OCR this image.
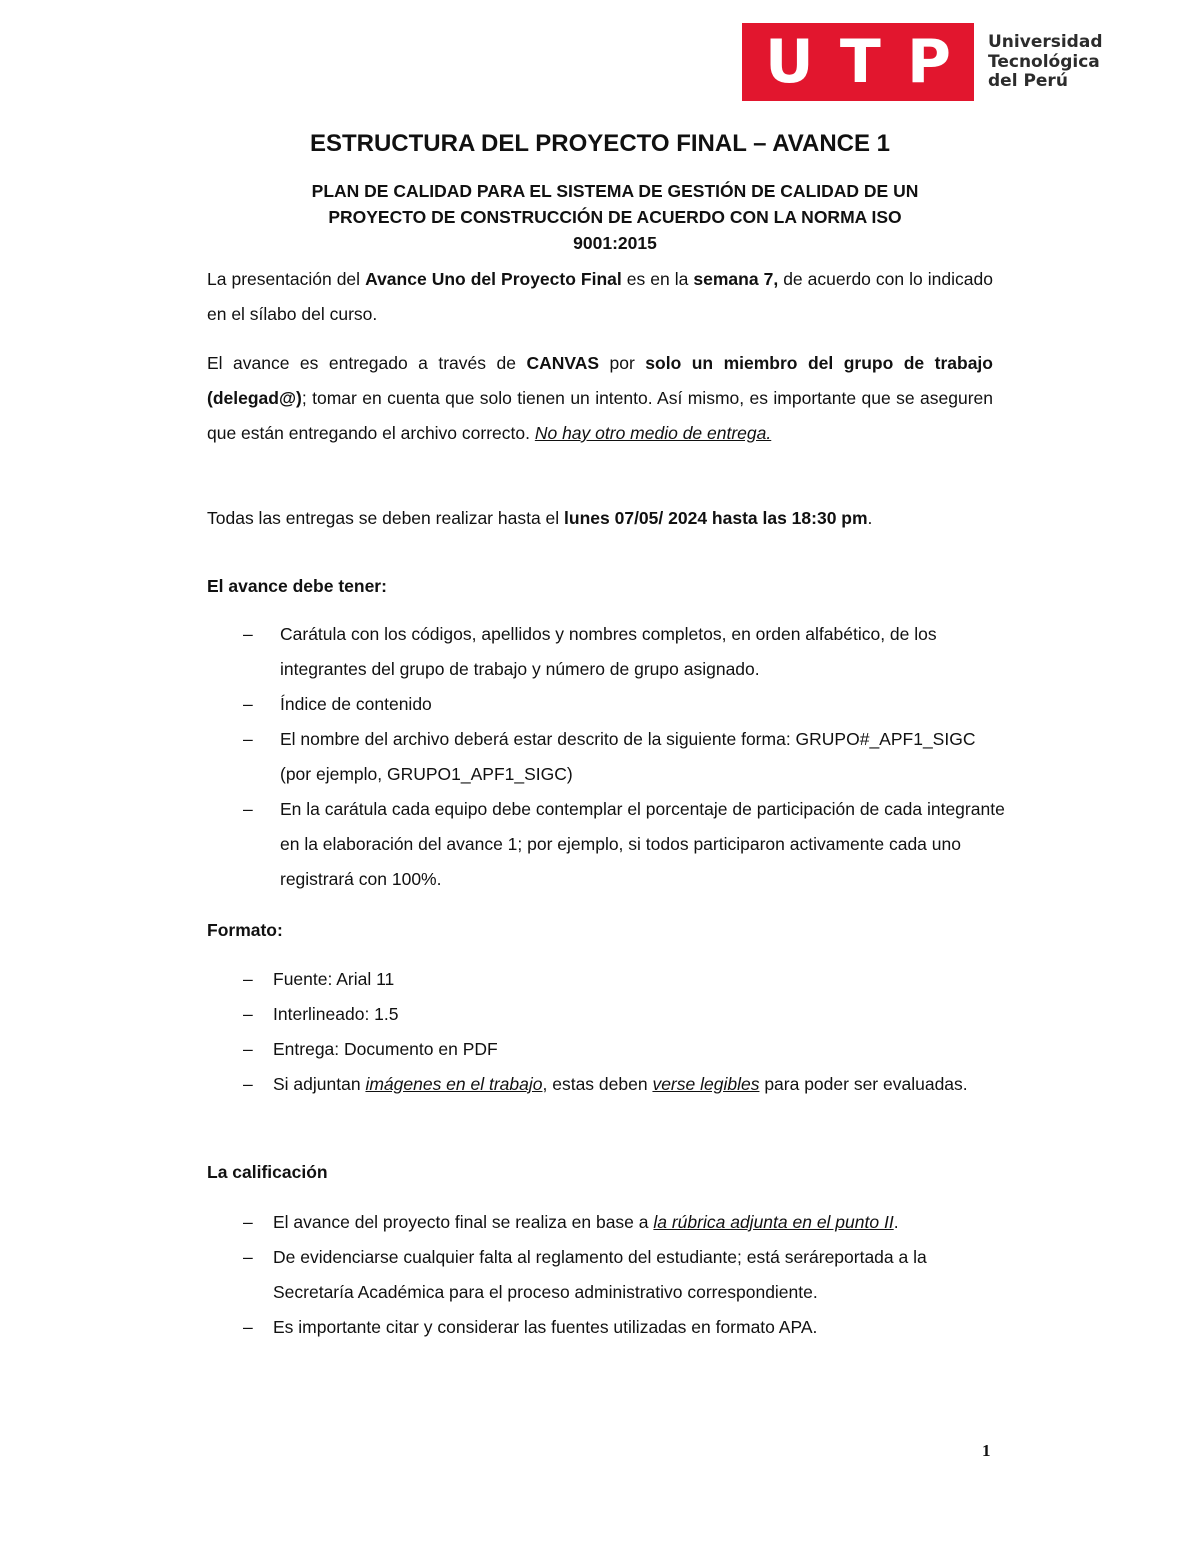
U T P Universidad
Tecnológica
del Perú
ESTRUCTURA DEL PROYECTO FINAL – AVANCE 1
PLAN DE CALIDAD PARA EL SISTEMA DE GESTIÓN DE CALIDAD DE UN
PROYECTO DE CONSTRUCCIÓN DE ACUERDO CON LA NORMA ISO
9001:2015
La presentación del Avance Uno del Proyecto Final es en la semana 7, de acuerdo con lo indicado en el sílabo del curso.
El avance es entregado a través de CANVAS por solo un miembro del grupo de trabajo (delegad@); tomar en cuenta que solo tienen un intento. Así mismo, es importante que se aseguren que están entregando el archivo correcto. No hay otro medio de entrega.
Todas las entregas se deben realizar hasta el lunes 07/05/ 2024 hasta las 18:30 pm.
El avance debe tener:
– Carátula con los códigos, apellidos y nombres completos, en orden alfabético, de los integrantes del grupo de trabajo y número de grupo asignado.
– Índice de contenido
– El nombre del archivo deberá estar descrito de la siguiente forma: GRUPO#_APF1_SIGC (por ejemplo, GRUPO1_APF1_SIGC)
– En la carátula cada equipo debe contemplar el porcentaje de participación de cada integrante en la elaboración del avance 1; por ejemplo, si todos participaron activamente cada uno registrará con 100%.
Formato:
– Fuente: Arial 11
– Interlineado: 1.5
– Entrega: Documento en PDF
– Si adjuntan imágenes en el trabajo, estas deben verse legibles para poder ser evaluadas.
La calificación
– El avance del proyecto final se realiza en base a la rúbrica adjunta en el punto II.
– De evidenciarse cualquier falta al reglamento del estudiante; está seráreportada a la Secretaría Académica para el proceso administrativo correspondiente.
– Es importante citar y considerar las fuentes utilizadas en formato APA.
1
